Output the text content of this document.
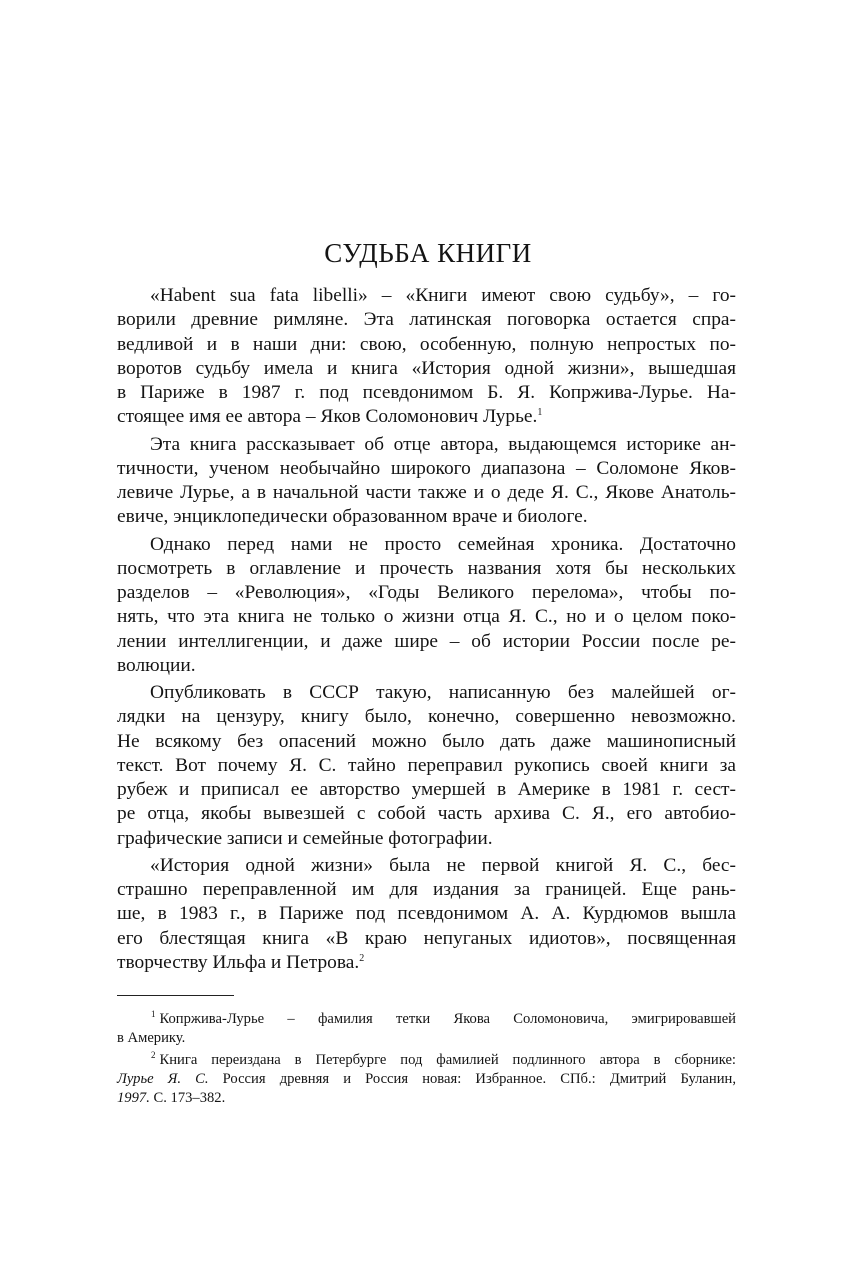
СУДЬБА КНИГИ
«Habent sua fata libelli» – «Книги имеют свою судьбу», – го-
ворили древние римляне. Эта латинская поговорка остается спра-
ведливой и в наши дни: свою, особенную, полную непростых по-
воротов судьбу имела и книга «История одной жизни», вышедшая
в Париже в 1987 г. под псевдонимом Б. Я. Копржива-Лурье. На-
стоящее имя ее автора – Яков Соломонович Лурье.$^1$
Эта книга рассказывает об отце автора, выдающемся историке ан-
тичности, ученом необычайно широкого диапазона – Соломоне Яков-
левиче Лурье, а в начальной части также и о деде Я. С., Якове Анатоль-
евиче, энциклопедически образованном враче и биологе.
Однако перед нами не просто семейная хроника. Достаточно
посмотреть в оглавление и прочесть названия хотя бы нескольких
разделов – «Революция», «Годы Великого перелома», чтобы по-
нять, что эта книга не только о жизни отца Я. С., но и о целом поко-
лении интеллигенции, и даже шире – об истории России после ре-
волюции.
Опубликовать в СССР такую, написанную без малейшей ог-
лядки на цензуру, книгу было, конечно, совершенно невозможно.
Не всякому без опасений можно было дать даже машинописный
текст. Вот почему Я. С. тайно переправил рукопись своей книги за
рубеж и приписал ее авторство умершей в Америке в 1981 г. сест-
ре отца, якобы вывезшей с собой часть архива С. Я., его автобио-
графические записи и семейные фотографии.
«История одной жизни» была не первой книгой Я. С., бес-
страшно переправленной им для издания за границей. Еще рань-
ше, в 1983 г., в Париже под псевдонимом А. А. Курдюмов вышла
его блестящая книга «В краю непуганых идиотов», посвященная
творчеству Ильфа и Петрова.$^2$
$^1$ Копржива-Лурье – фамилия тетки Якова Соломоновича, эмигрировавшей
в Америку.
$^2$ Книга переиздана в Петербурге под фамилией подлинного автора в сборнике:
Лурье Я. С. Россия древняя и Россия новая: Избранное. СПб.: Дмитрий Буланин,
1997. С. 173–382.
